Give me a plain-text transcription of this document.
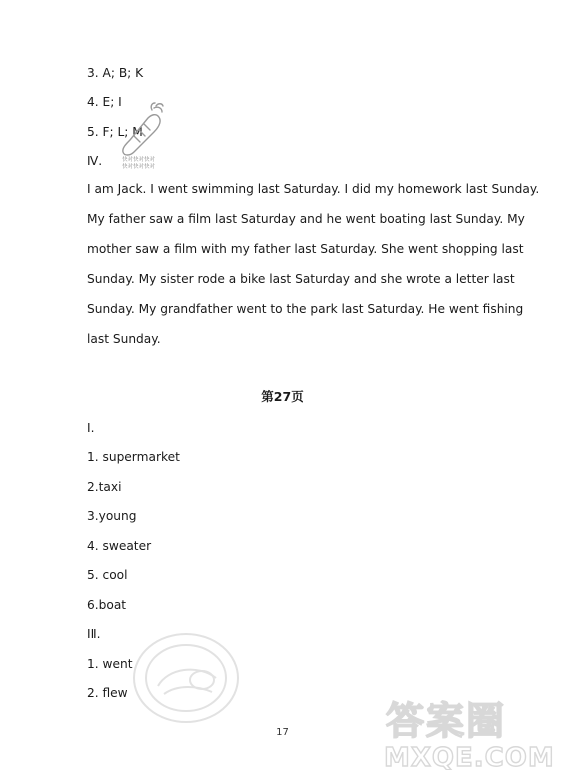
3. A; B; K
4. E; I
5. F; L; M
快对快对快对
快对快对快对
Ⅳ.
I am Jack. I went swimming last Saturday. I did my homework last Sunday.
My father saw a film last Saturday and he went boating last Sunday. My
mother saw a film with my father last Saturday. She went shopping last
Sunday. My sister rode a bike last Saturday and she wrote a letter last
Sunday. My grandfather went to the park last Saturday. He went fishing
last Sunday.
第27页
I.
1. supermarket
2.taxi
3.young
4. sweater
5. cool
6.boat
IⅡ.
1. went
2. flew
17	答案圈
MXQE.COM
